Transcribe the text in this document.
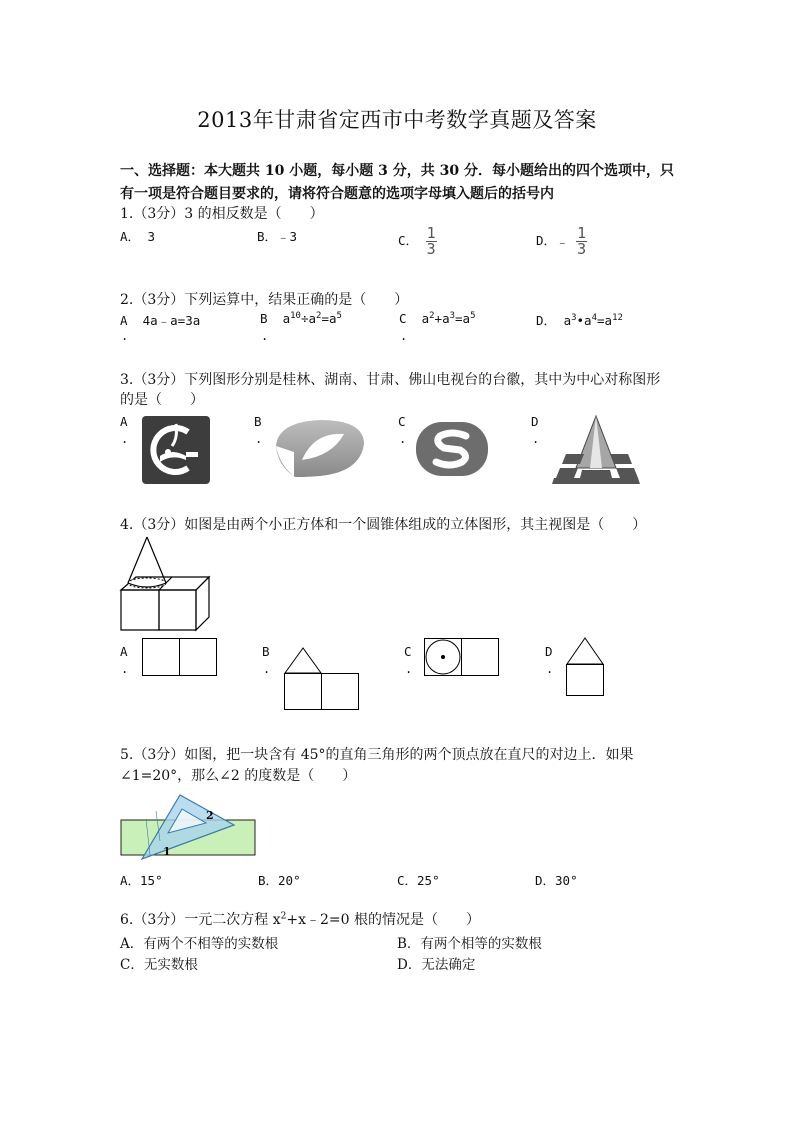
2013年甘肃省定西市中考数学真题及答案
一、选择题：本大题共 10 小题，每小题 3 分，共 30 分．每小题给出的四个选项中，只有一项是符合题目要求的，请将符合题意的选项字母填入题后的括号内
1.（3分）3 的相反数是（　　）
A． 3	B．﹣3	C． $\frac{1}{3}$	D．﹣ $\frac{1}{3}$
2.（3分）下列运算中，结果正确的是（　　）
A 4a﹣a=3a
.
B $a^{10}\div a^2=a^5$
.
C $a^2+a^3=a^5$
.
D． $a^3•a^4=a^{12}$
3.（3分）下列图形分别是桂林、湖南、甘肃、佛山电视台的台徽，其中为中心对称图形
的是（　　）
A
.
B
.
C
.
D
.
4.（3分）如图是由两个小正方体和一个圆锥体组成的立体图形，其主视图是（　　）
A
.
B
.
C
.
D
.
5.（3分）如图，把一块含有 45°的直角三角形的两个顶点放在直尺的对边上．如果
∠1=20°，那么∠2 的度数是（　　）
1
2
A．15°	B．20°	C．25°	D．30°
6.（3分）一元二次方程 $x^2+x﹣2=0$ 根的情况是（　　）
A．有两个不相等的实数根	B．有两个相等的实数根
C．无实数根	D．无法确定
